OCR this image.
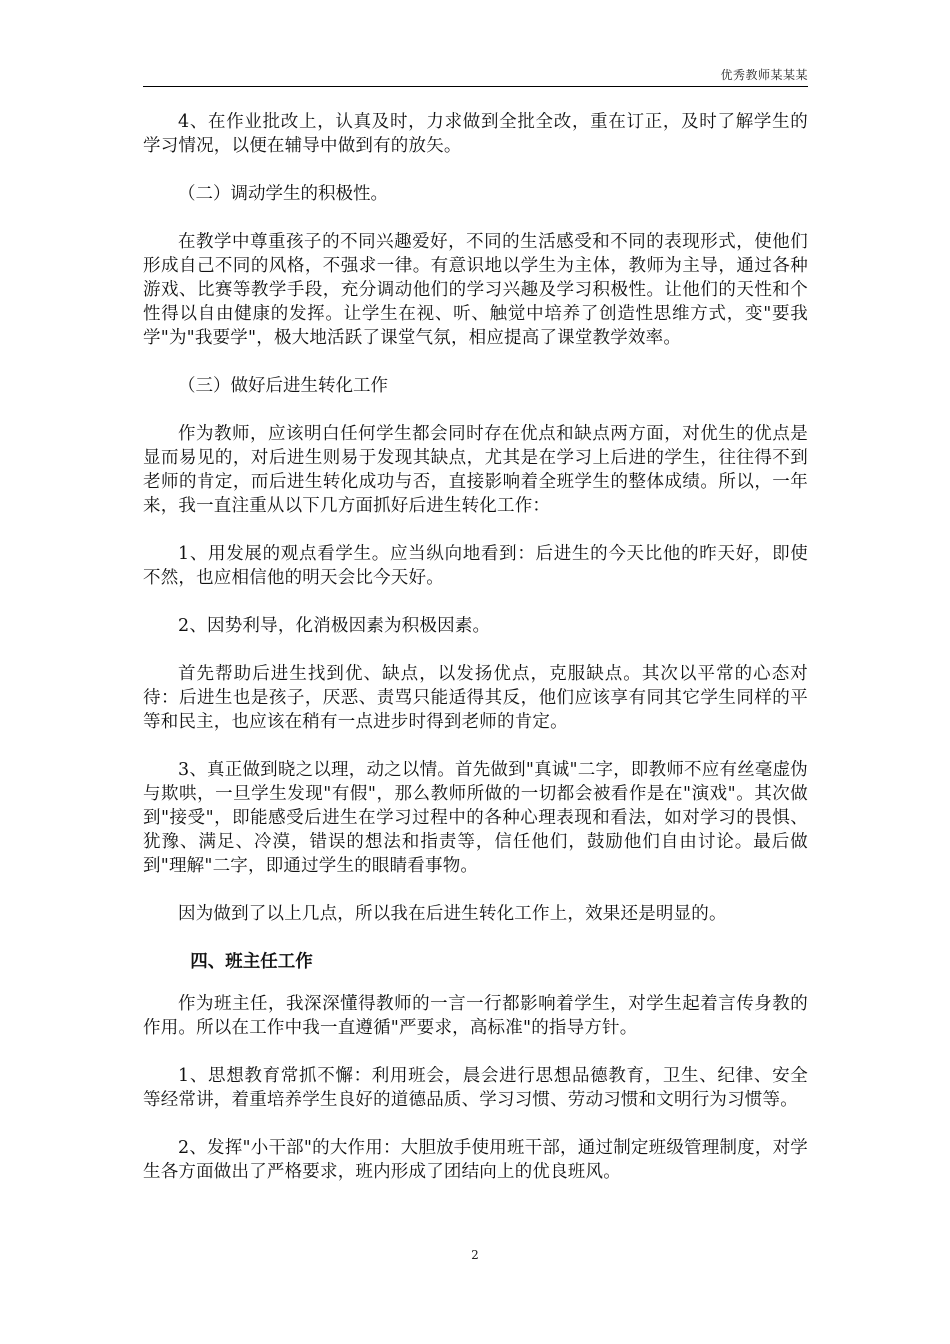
优秀教师某某某

4、在作业批改上，认真及时，力求做到全批全改，重在订正，及时了解学生的学习情况，以便在辅导中做到有的放矢。

（二）调动学生的积极性。

在教学中尊重孩子的不同兴趣爱好，不同的生活感受和不同的表现形式，使他们形成自己不同的风格，不强求一律。有意识地以学生为主体，教师为主导，通过各种游戏、比赛等教学手段，充分调动他们的学习兴趣及学习积极性。让他们的天性和个性得以自由健康的发挥。让学生在视、听、触觉中培养了创造性思维方式，变"要我学"为"我要学"，极大地活跃了课堂气氛，相应提高了课堂教学效率。

（三）做好后进生转化工作

作为教师，应该明白任何学生都会同时存在优点和缺点两方面，对优生的优点是显而易见的，对后进生则易于发现其缺点，尤其是在学习上后进的学生，往往得不到老师的肯定，而后进生转化成功与否，直接影响着全班学生的整体成绩。所以，一年来，我一直注重从以下几方面抓好后进生转化工作：

1、用发展的观点看学生。应当纵向地看到：后进生的今天比他的昨天好，即使不然，也应相信他的明天会比今天好。

2、因势利导，化消极因素为积极因素。

首先帮助后进生找到优、缺点，以发扬优点，克服缺点。其次以平常的心态对待：后进生也是孩子，厌恶、责骂只能适得其反，他们应该享有同其它学生同样的平等和民主，也应该在稍有一点进步时得到老师的肯定。

3、真正做到晓之以理，动之以情。首先做到"真诚"二字，即教师不应有丝毫虚伪与欺哄，一旦学生发现"有假"，那么教师所做的一切都会被看作是在"演戏"。其次做到"接受"，即能感受后进生在学习过程中的各种心理表现和看法，如对学习的畏惧、犹豫、满足、冷漠，错误的想法和指责等，信任他们，鼓励他们自由讨论。最后做到"理解"二字，即通过学生的眼睛看事物。

因为做到了以上几点，所以我在后进生转化工作上，效果还是明显的。

四、班主任工作

作为班主任，我深深懂得教师的一言一行都影响着学生，对学生起着言传身教的作用。所以在工作中我一直遵循"严要求，高标准"的指导方针。

1、思想教育常抓不懈：利用班会，晨会进行思想品德教育，卫生、纪律、安全等经常讲，着重培养学生良好的道德品质、学习习惯、劳动习惯和文明行为习惯等。

2、发挥"小干部"的大作用：大胆放手使用班干部，通过制定班级管理制度，对学生各方面做出了严格要求，班内形成了团结向上的优良班风。

2
